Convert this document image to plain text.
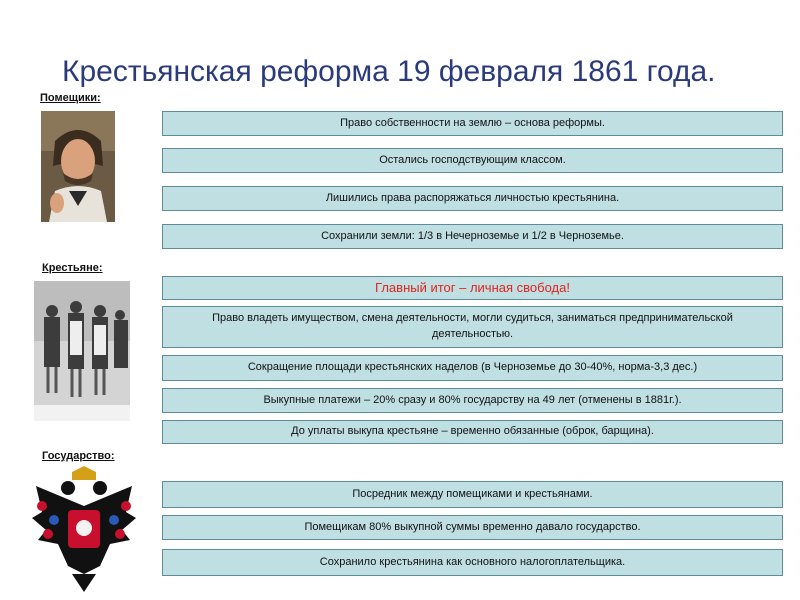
Крестьянская реформа 19 февраля 1861 года.
Помещики:
Право собственности на землю – основа реформы.
Остались господствующим классом.
Лишились права распоряжаться личностью крестьянина.
Сохранили земли: 1/3 в Нечерноземье и 1/2 в Черноземье.
Крестьяне:
Главный итог – личная свобода!
Право владеть имуществом, смена деятельности, могли судиться, заниматься предпринимательской деятельностью.
Сокращение площади крестьянских наделов (в Черноземье до 30-40%, норма-3,3 дес.)
Выкупные платежи – 20% сразу и 80% государству на 49 лет (отменены в 1881г.).
До уплаты выкупа крестьяне – временно обязанные (оброк, барщина).
Государство:
Посредник между помещиками и крестьянами.
Помещикам 80% выкупной суммы временно давало государство.
Сохранило крестьянина как основного налогоплательщика.
